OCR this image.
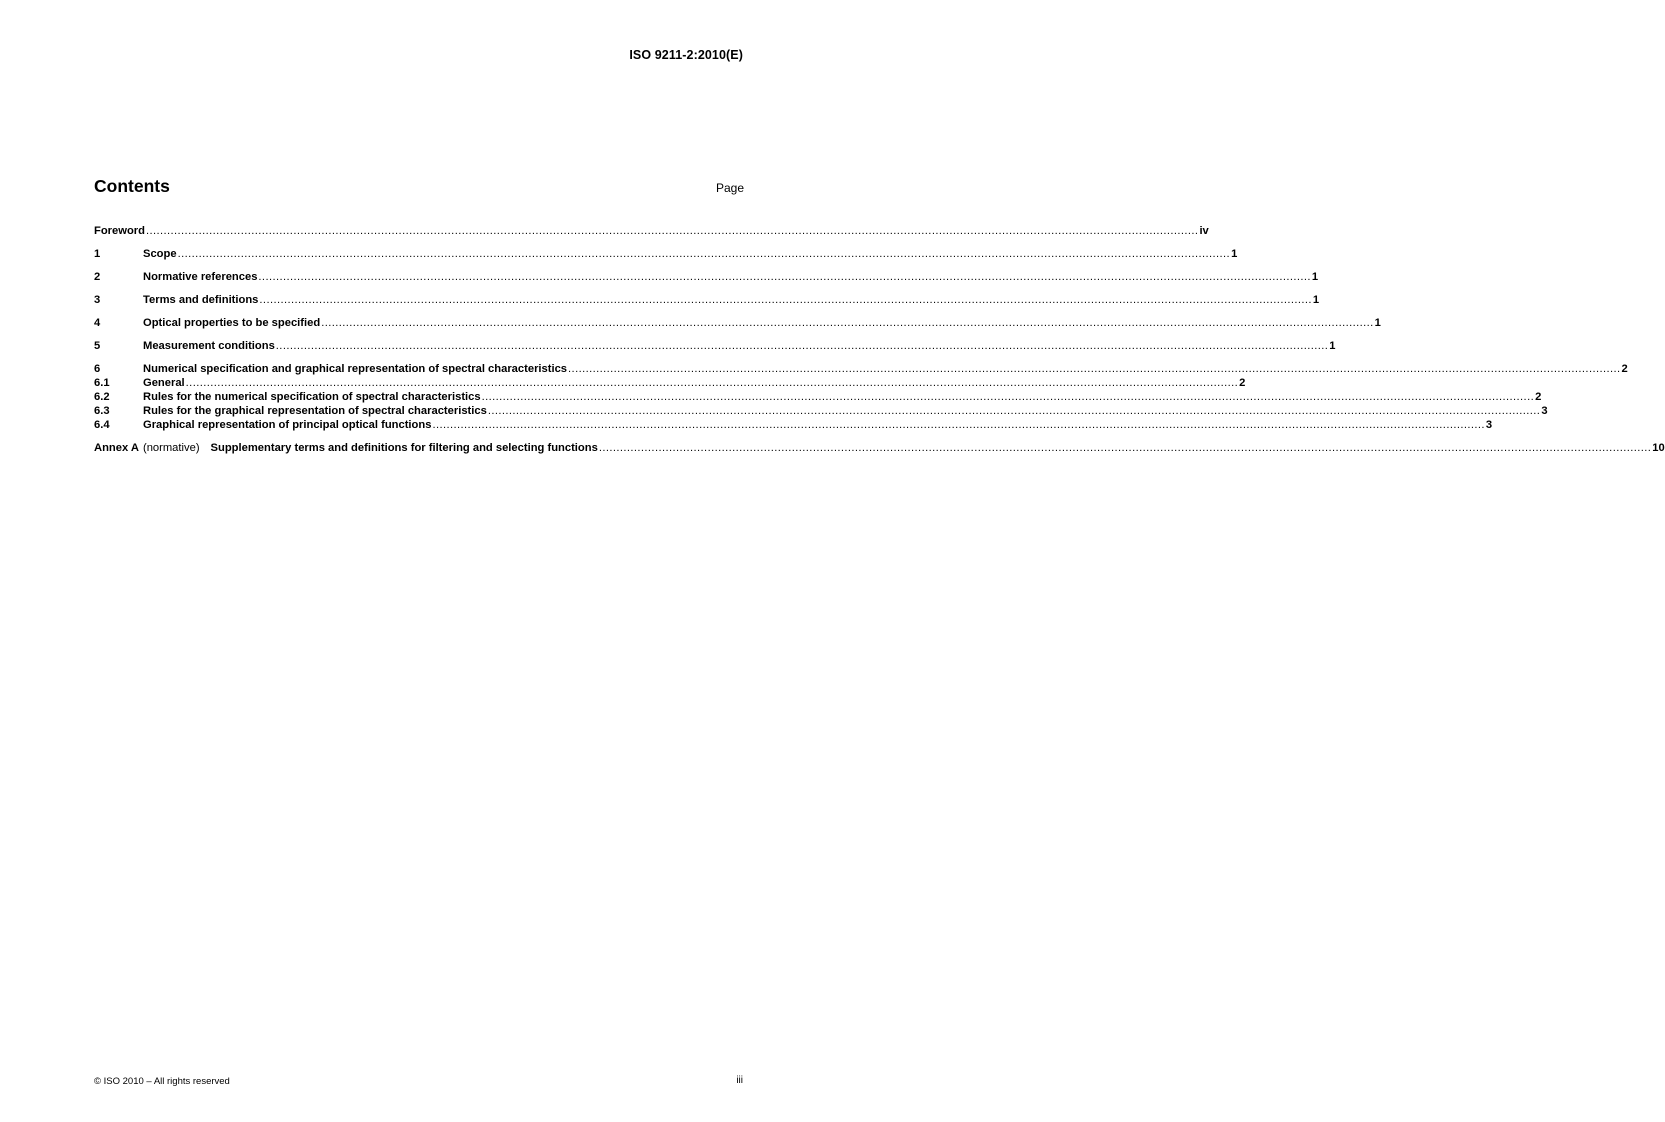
ISO 9211-2:2010(E)
Contents	Page
Foreword ............................................................................................................................................................................................................................................................................................................ iv
1	Scope ............................................................................................................................................................................................................................................................................................................ 1
2	Normative references ............................................................................................................................................................................................................................................................................................................ 1
3	Terms and definitions ............................................................................................................................................................................................................................................................................................................ 1
4	Optical properties to be specified ............................................................................................................................................................................................................................................................................................................ 1
5	Measurement conditions ............................................................................................................................................................................................................................................................................................................ 1
6	Numerical specification and graphical representation of spectral characteristics ............................................................................................................................................................................................................................................................................................................ 2
6.1	General ............................................................................................................................................................................................................................................................................................................ 2
6.2	Rules for the numerical specification of spectral characteristics ............................................................................................................................................................................................................................................................................................................ 2
6.3	Rules for the graphical representation of spectral characteristics ............................................................................................................................................................................................................................................................................................................ 3
6.4	Graphical representation of principal optical functions ............................................................................................................................................................................................................................................................................................................ 3
Annex A (normative) Supplementary terms and definitions for filtering and selecting functions ............................................................................................................................................................................................................................................................................................................ 10
© ISO 2010 – All rights reserved	iii
